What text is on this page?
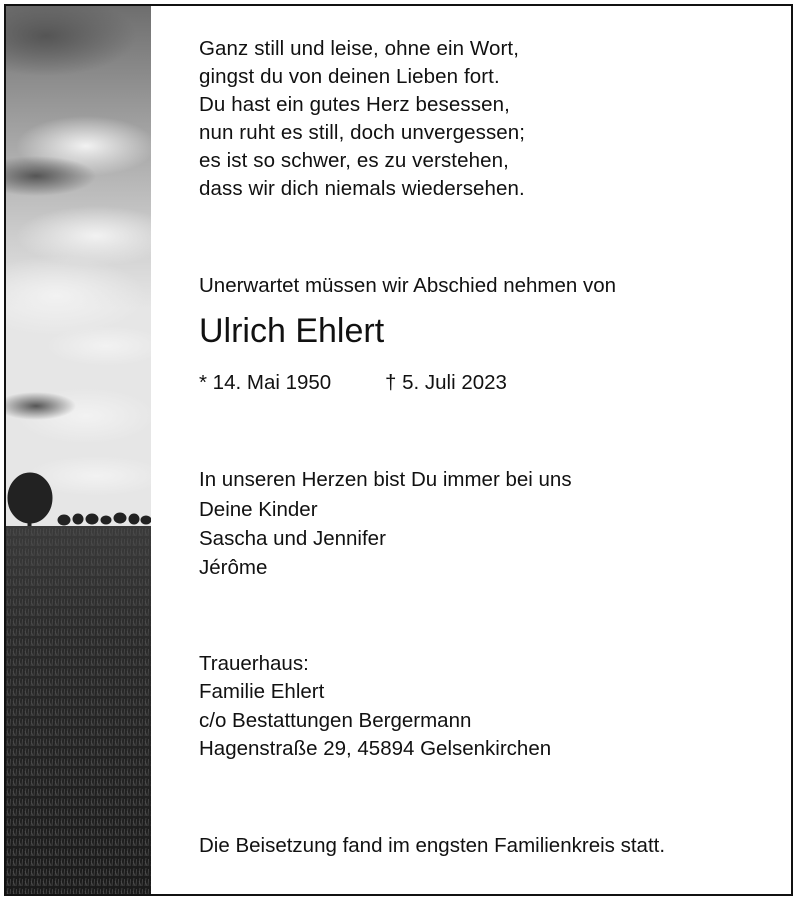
Ganz still und leise, ohne ein Wort,
gingst du von deinen Lieben fort.
Du hast ein gutes Herz besessen,
nun ruht es still, doch unvergessen;
es ist so schwer, es zu verstehen,
dass wir dich niemals wiedersehen.
Unerwartet müssen wir Abschied nehmen von
Ulrich Ehlert
* 14. Mai 1950	† 5. Juli 2023
In unseren Herzen bist Du immer bei uns
Deine Kinder
Sascha und Jennifer
Jérôme
Trauerhaus:
Familie Ehlert
c/o Bestattungen Bergermann
Hagenstraße 29, 45894 Gelsenkirchen
Die Beisetzung fand im engsten Familienkreis statt.
